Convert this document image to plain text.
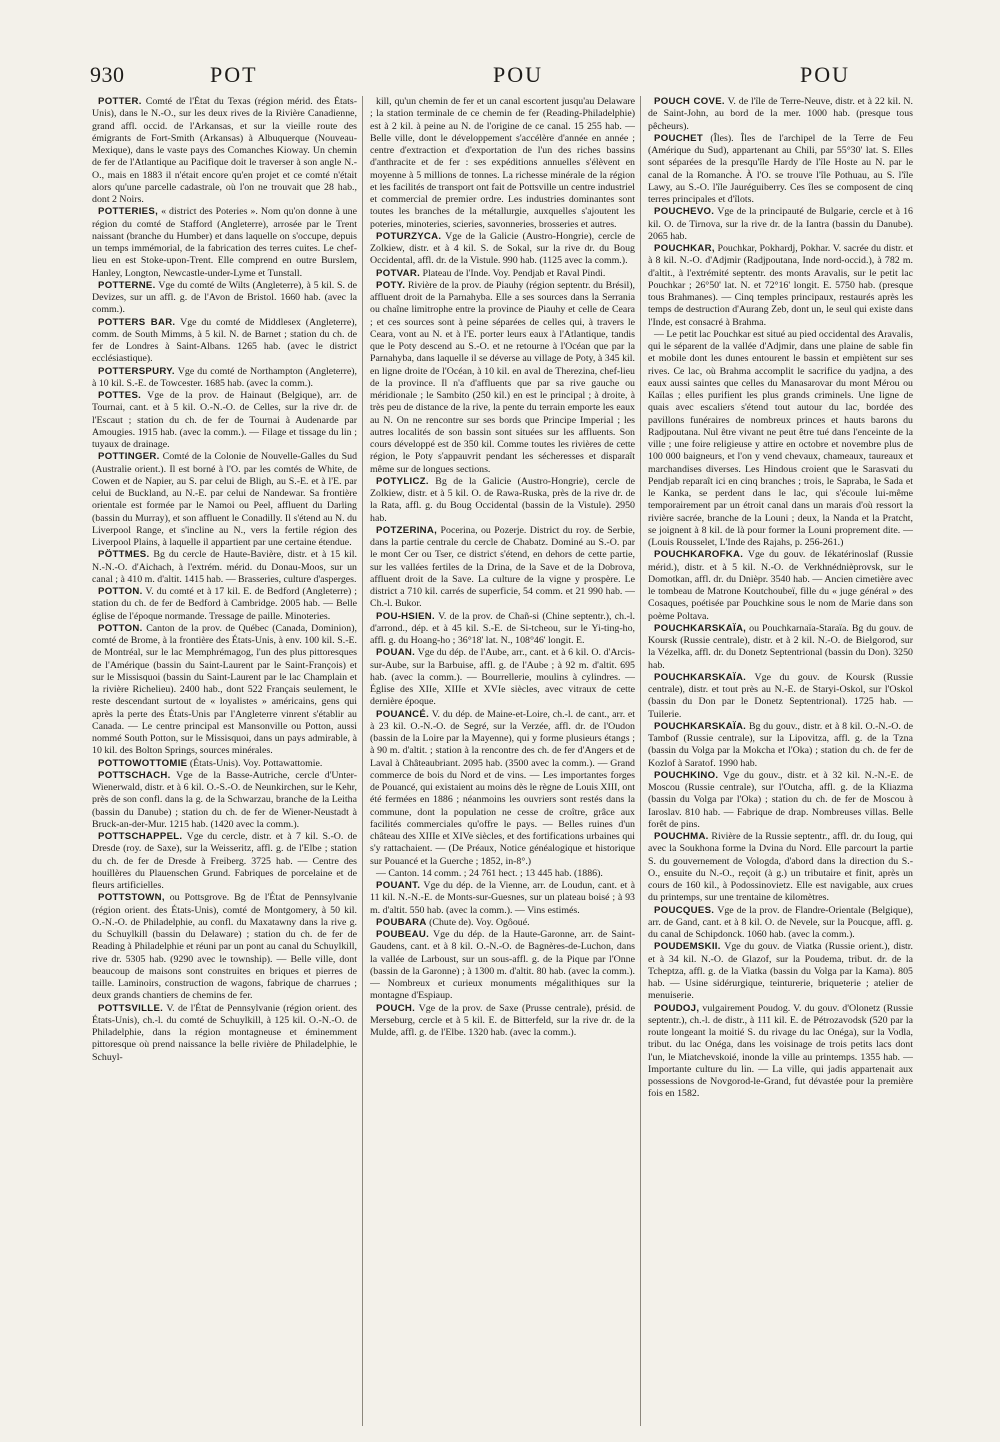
930	POT	POU	POU

POTTER. Comté de l'État du Texas (région mérid. des États-Unis), dans le N.-O., sur les deux rives de la Rivière Canadienne, grand affl. occid. de l'Arkansas, et sur la vieille route des émigrants de Fort-Smith (Arkansas) à Albuquerque (Nouveau-Mexique), dans le vaste pays des Comanches Kioway. Un chemin de fer de l'Atlantique au Pacifique doit le traverser à son angle N.-O., mais en 1883 il n'était encore qu'en projet et ce comté n'était alors qu'une parcelle cadastrale, où l'on ne trouvait que 28 hab., dont 2 Noirs.

POTTERIES, « district des Poteries ». Nom qu'on donne à une région du comté de Stafford (Angleterre), arrosée par le Trent naissant (branche du Humber) et dans laquelle on s'occupe, depuis un temps immémorial, de la fabrication des terres cuites. Le chef-lieu en est Stoke-upon-Trent. Elle comprend en outre Burslem, Hanley, Longton, Newcastle-under-Lyme et Tunstall.

POTTERNE. Vge du comté de Wilts (Angleterre), à 5 kil. S. de Devizes, sur un affl. g. de l'Avon de Bristol. 1660 hab. (avec la comm.).

POTTERS BAR. Vge du comté de Middlesex (Angleterre), comm. de South Mimms, à 5 kil. N. de Barnet ; station du ch. de fer de Londres à Saint-Albans. 1265 hab. (avec le district ecclésiastique).

POTTERSPURY. Vge du comté de Northampton (Angleterre), à 10 kil. S.-E. de Towcester. 1685 hab. (avec la comm.).

POTTES. Vge de la prov. de Hainaut (Belgique), arr. de Tournai, cant. et à 5 kil. O.-N.-O. de Celles, sur la rive dr. de l'Escaut ; station du ch. de fer de Tournai à Audenarde par Amougies. 1915 hab. (avec la comm.). — Filage et tissage du lin ; tuyaux de drainage.

POTTINGER. Comté de la Colonie de Nouvelle-Galles du Sud (Australie orient.). Il est borné à l'O. par les comtés de White, de Cowen et de Napier, au S. par celui de Bligh, au S.-E. et à l'E. par celui de Buckland, au N.-E. par celui de Nandewar. Sa frontière orientale est formée par le Namoi ou Peel, affluent du Darling (bassin du Murray), et son affluent le Conadilly. Il s'étend au N. du Liverpool Range, et s'incline au N., vers la fertile région des Liverpool Plains, à laquelle il appartient par une certaine étendue.

PÖTTMES. Bg du cercle de Haute-Bavière, distr. et à 15 kil. N.-N.-O. d'Aichach, à l'extrém. mérid. du Donau-Moos, sur un canal ; à 410 m. d'altit. 1415 hab. — Brasseries, culture d'asperges.

POTTON. V. du comté et à 17 kil. E. de Bedford (Angleterre) ; station du ch. de fer de Bedford à Cambridge. 2005 hab. — Belle église de l'époque normande. Tressage de paille. Minoteries.

POTTON. Canton de la prov. de Québec (Canada, Dominion), comté de Brome, à la frontière des États-Unis, à env. 100 kil. S.-E. de Montréal, sur le lac Memphrémagog, l'un des plus pittoresques de l'Amérique (bassin du Saint-Laurent par le Saint-François) et sur le Missisquoi (bassin du Saint-Laurent par le lac Champlain et la rivière Richelieu). 2400 hab., dont 522 Français seulement, le reste descendant surtout de « loyalistes » américains, gens qui après la perte des États-Unis par l'Angleterre vinrent s'établir au Canada. — Le centre principal est Mansonville ou Potton, aussi nommé South Potton, sur le Missisquoi, dans un pays admirable, à 10 kil. des Bolton Springs, sources minérales.

POTTOWOTTOMIE (États-Unis). Voy. Pottawattomie.

POTTSCHACH. Vge de la Basse-Autriche, cercle d'Unter-Wienerwald, distr. et à 6 kil. O.-S.-O. de Neunkirchen, sur le Kehr, près de son confl. dans la g. de la Schwarzau, branche de la Leitha (bassin du Danube) ; station du ch. de fer de Wiener-Neustadt à Bruck-an-der-Mur. 1215 hab. (1420 avec la comm.).

POTTSCHAPPEL. Vge du cercle, distr. et à 7 kil. S.-O. de Dresde (roy. de Saxe), sur la Weisseritz, affl. g. de l'Elbe ; station du ch. de fer de Dresde à Freiberg. 3725 hab. — Centre des houillères du Plauenschen Grund. Fabriques de porcelaine et de fleurs artificielles.

POTTSTOWN, ou Pottsgrove. Bg de l'État de Pennsylvanie (région orient. des États-Unis), comté de Montgomery, à 50 kil. O.-N.-O. de Philadelphie, au confl. du Maxatawny dans la rive g. du Schuylkill (bassin du Delaware) ; station du ch. de fer de Reading à Philadelphie et réuni par un pont au canal du Schuylkill, rive dr. 5305 hab. (9290 avec le township). — Belle ville, dont beaucoup de maisons sont construites en briques et pierres de taille. Laminoirs, construction de wagons, fabrique de charrues ; deux grands chantiers de chemins de fer.

POTTSVILLE. V. de l'État de Pennsylvanie (région orient. des États-Unis), ch.-l. du comté de Schuylkill, à 125 kil. O.-N.-O. de Philadelphie, dans la région montagneuse et éminemment pittoresque où prend naissance la belle rivière de Philadelphie, le Schuyl-

kill, qu'un chemin de fer et un canal escortent jusqu'au Delaware ; la station terminale de ce chemin de fer (Reading-Philadelphie) est à 2 kil. à peine au N. de l'origine de ce canal. 15 255 hab. — Belle ville, dont le développement s'accélère d'année en année ; centre d'extraction et d'exportation de l'un des riches bassins d'anthracite et de fer : ses expéditions annuelles s'élèvent en moyenne à 5 millions de tonnes. La richesse minérale de la région et les facilités de transport ont fait de Pottsville un centre industriel et commercial de premier ordre. Les industries dominantes sont toutes les branches de la métallurgie, auxquelles s'ajoutent les poteries, minoteries, scieries, savonneries, brosseries et autres.

POTURZYCA. Vge de la Galicie (Austro-Hongrie), cercle de Zolkiew, distr. et à 4 kil. S. de Sokal, sur la rive dr. du Boug Occidental, affl. dr. de la Vistule. 990 hab. (1125 avec la comm.).

POTVAR. Plateau de l'Inde. Voy. Pendjab et Raval Pindi.

POTY. Rivière de la prov. de Piauhy (région septentr. du Brésil), affluent droit de la Parnahyba. Elle a ses sources dans la Serrania ou chaîne limitrophe entre la province de Piauhy et celle de Ceara ; et ces sources sont à peine séparées de celles qui, à travers le Ceara, vont au N. et à l'E. porter leurs eaux à l'Atlantique, tandis que le Poty descend au S.-O. et ne retourne à l'Océan que par la Parnahyba, dans laquelle il se déverse au village de Poty, à 345 kil. en ligne droite de l'Océan, à 10 kil. en aval de Therezina, chef-lieu de la province. Il n'a d'affluents que par sa rive gauche ou méridionale ; le Sambito (250 kil.) en est le principal ; à droite, à très peu de distance de la rive, la pente du terrain emporte les eaux au N. On ne rencontre sur ses bords que Principe Imperial ; les autres localités de son bassin sont situées sur les affluents. Son cours développé est de 350 kil. Comme toutes les rivières de cette région, le Poty s'appauvrit pendant les sécheresses et disparaît même sur de longues sections.

POTYLICZ. Bg de la Galicie (Austro-Hongrie), cercle de Zolkiew, distr. et à 5 kil. O. de Rawa-Ruska, près de la rive dr. de la Rata, affl. g. du Boug Occidental (bassin de la Vistule). 2950 hab.

POTZERINA, Pocerina, ou Pozerje. District du roy. de Serbie, dans la partie centrale du cercle de Chabatz. Dominé au S.-O. par le mont Cer ou Tser, ce district s'étend, en dehors de cette partie, sur les vallées fertiles de la Drina, de la Save et de la Dobrova, affluent droit de la Save. La culture de la vigne y prospère. Le district a 710 kil. carrés de superficie, 54 comm. et 21 990 hab. — Ch.-l. Bukor.

POU-HSIEN. V. de la prov. de Chañ-si (Chine septentr.), ch.-l. d'arrond., dép. et à 45 kil. S.-E. de Si-tcheou, sur le Yi-ting-ho, affl. g. du Hoang-ho ; 36°18' lat. N., 108°46' longit. E.

POUAN. Vge du dép. de l'Aube, arr., cant. et à 6 kil. O. d'Arcis-sur-Aube, sur la Barbuise, affl. g. de l'Aube ; à 92 m. d'altit. 695 hab. (avec la comm.). — Bourrellerie, moulins à cylindres. — Église des XIIe, XIIIe et XVIe siècles, avec vitraux de cette dernière époque.

POUANCÉ. V. du dép. de Maine-et-Loire, ch.-l. de cant., arr. et à 23 kil. O.-N.-O. de Segré, sur la Verzée, affl. dr. de l'Oudon (bassin de la Loire par la Mayenne), qui y forme plusieurs étangs ; à 90 m. d'altit. ; station à la rencontre des ch. de fer d'Angers et de Laval à Châteaubriant. 2095 hab. (3500 avec la comm.). — Grand commerce de bois du Nord et de vins. — Les importantes forges de Pouancé, qui existaient au moins dès le règne de Louis XIII, ont été fermées en 1886 ; néanmoins les ouvriers sont restés dans la commune, dont la population ne cesse de croître, grâce aux facilités commerciales qu'offre le pays. — Belles ruines d'un château des XIIIe et XIVe siècles, et des fortifications urbaines qui s'y rattachaient. — (De Préaux, Notice généalogique et historique sur Pouancé et la Guerche ; 1852, in-8°.)

— Canton. 14 comm. ; 24 761 hect. ; 13 445 hab. (1886).

POUANT. Vge du dép. de la Vienne, arr. de Loudun, cant. et à 11 kil. N.-N.-E. de Monts-sur-Guesnes, sur un plateau boisé ; à 93 m. d'altit. 550 hab. (avec la comm.). — Vins estimés.

POUBARA (Chute de). Voy. Ogôoué.

POUBEAU. Vge du dép. de la Haute-Garonne, arr. de Saint-Gaudens, cant. et à 8 kil. O.-N.-O. de Bagnères-de-Luchon, dans la vallée de Larboust, sur un sous-affl. g. de la Pique par l'Onne (bassin de la Garonne) ; à 1300 m. d'altit. 80 hab. (avec la comm.). — Nombreux et curieux monuments mégalithiques sur la montagne d'Espiaup.

POUCH. Vge de la prov. de Saxe (Prusse centrale), présid. de Merseburg, cercle et à 5 kil. E. de Bitterfeld, sur la rive dr. de la Mulde, affl. g. de l'Elbe. 1320 hab. (avec la comm.).

POUCH COVE. V. de l'île de Terre-Neuve, distr. et à 22 kil. N. de Saint-John, au bord de la mer. 1000 hab. (presque tous pêcheurs).

POUCHET (Îles). Îles de l'archipel de la Terre de Feu (Amérique du Sud), appartenant au Chili, par 55°30' lat. S. Elles sont séparées de la presqu'île Hardy de l'île Hoste au N. par le canal de la Romanche. À l'O. se trouve l'île Pothuau, au S. l'île Lawy, au S.-O. l'île Jauréguiberry. Ces îles se composent de cinq terres principales et d'îlots.

POUCHEVO. Vge de la principauté de Bulgarie, cercle et à 16 kil. O. de Tirnova, sur la rive dr. de la Iantra (bassin du Danube). 2065 hab.

POUCHKAR, Pouchkar, Pokhardj, Pokhar. V. sacrée du distr. et à 8 kil. N.-O. d'Adjmir (Radjpoutana, Inde nord-occid.), à 782 m. d'altit., à l'extrémité septentr. des monts Aravalis, sur le petit lac Pouchkar ; 26°50' lat. N. et 72°16' longit. E. 5750 hab. (presque tous Brahmanes). — Cinq temples principaux, restaurés après les temps de destruction d'Aurang Zeb, dont un, le seul qui existe dans l'Inde, est consacré à Brahma.

— Le petit lac Pouchkar est situé au pied occidental des Aravalis, qui le séparent de la vallée d'Adjmir, dans une plaine de sable fin et mobile dont les dunes entourent le bassin et empiètent sur ses rives. Ce lac, où Brahma accomplit le sacrifice du yadjna, a des eaux aussi saintes que celles du Manasarovar du mont Mérou ou Kaïlas ; elles purifient les plus grands criminels. Une ligne de quais avec escaliers s'étend tout autour du lac, bordée des pavillons funéraires de nombreux princes et hauts barons du Radjpoutana. Nul être vivant ne peut être tué dans l'enceinte de la ville ; une foire religieuse y attire en octobre et novembre plus de 100 000 baigneurs, et l'on y vend chevaux, chameaux, taureaux et marchandises diverses. Les Hindous croient que le Sarasvati du Pendjab reparaît ici en cinq branches ; trois, le Sapraba, le Sada et le Kanka, se perdent dans le lac, qui s'écoule lui-même temporairement par un étroit canal dans un marais d'où ressort la rivière sacrée, branche de la Louni ; deux, la Nanda et la Pratcht, se joignent à 8 kil. de là pour former la Louni proprement dite. — (Louis Rousselet, L'Inde des Rajahs, p. 256-261.)

POUCHKAROFKA. Vge du gouv. de Iékatérinoslaf (Russie mérid.), distr. et à 5 kil. N.-O. de Verkhnédnièprovsk, sur le Domotkan, affl. dr. du Dnièpr. 3540 hab. — Ancien cimetière avec le tombeau de Matrone Koutchoubeï, fille du « juge général » des Cosaques, poétisée par Pouchkine sous le nom de Marie dans son poème Poltava.

POUCHKARSKAÏA, ou Pouchkarnaïa-Staraïa. Bg du gouv. de Koursk (Russie centrale), distr. et à 2 kil. N.-O. de Bielgorod, sur la Vézelka, affl. dr. du Donetz Septentrional (bassin du Don). 3250 hab.

POUCHKARSKAÏA. Vge du gouv. de Koursk (Russie centrale), distr. et tout près au N.-E. de Staryi-Oskol, sur l'Oskol (bassin du Don par le Donetz Septentrional). 1725 hab. — Tuilerie.

POUCHKARSKAÏA. Bg du gouv., distr. et à 8 kil. O.-N.-O. de Tambof (Russie centrale), sur la Lipovitza, affl. g. de la Tzna (bassin du Volga par la Mokcha et l'Oka) ; station du ch. de fer de Kozlof à Saratof. 1990 hab.

POUCHKINO. Vge du gouv., distr. et à 32 kil. N.-N.-E. de Moscou (Russie centrale), sur l'Outcha, affl. g. de la Kliazma (bassin du Volga par l'Oka) ; station du ch. de fer de Moscou à Iaroslav. 810 hab. — Fabrique de drap. Nombreuses villas. Belle forêt de pins.

POUCHMA. Rivière de la Russie septentr., affl. dr. du Ioug, qui avec la Soukhona forme la Dvina du Nord. Elle parcourt la partie S. du gouvernement de Vologda, d'abord dans la direction du S.-O., ensuite du N.-O., reçoit (à g.) un tributaire et finit, après un cours de 160 kil., à Podossinovietz. Elle est navigable, aux crues du printemps, sur une trentaine de kilomètres.

POUCQUES. Vge de la prov. de Flandre-Orientale (Belgique), arr. de Gand, cant. et à 8 kil. O. de Nevele, sur la Poucque, affl. g. du canal de Schipdonck. 1060 hab. (avec la comm.).

POUDEMSKII. Vge du gouv. de Viatka (Russie orient.), distr. et à 34 kil. N.-O. de Glazof, sur la Poudema, tribut. dr. de la Tcheptza, affl. g. de la Viatka (bassin du Volga par la Kama). 805 hab. — Usine sidérurgique, teinturerie, briqueterie ; atelier de menuiserie.

POUDOJ, vulgairement Poudog. V. du gouv. d'Olonetz (Russie septentr.), ch.-l. de distr., à 111 kil. E. de Pétrozavodsk (520 par la route longeant la moitié S. du rivage du lac Onéga), sur la Vodla, tribut. du lac Onéga, dans les voisinage de trois petits lacs dont l'un, le Miatchevskoié, inonde la ville au printemps. 1355 hab. — Importante culture du lin. — La ville, qui jadis appartenait aux possessions de Novgorod-le-Grand, fut dévastée pour la première fois en 1582.
